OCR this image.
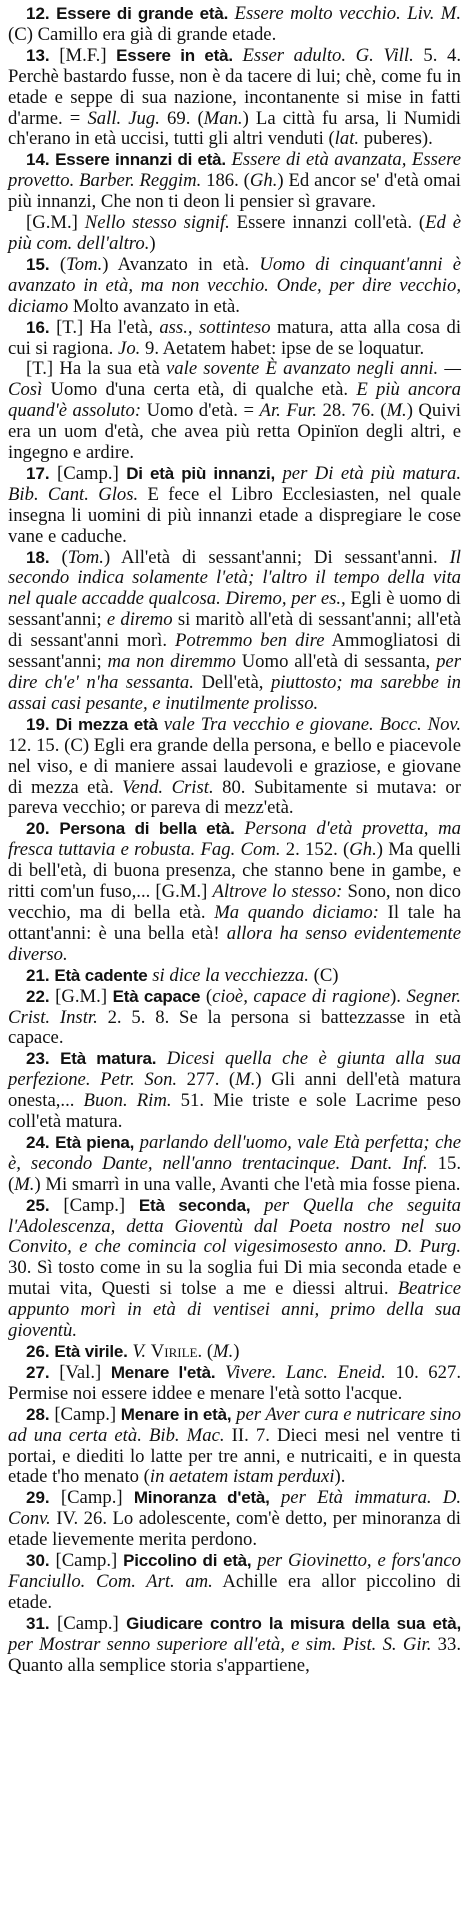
12. Essere di grande età. Essere molto vecchio. Liv. M. (C) Camillo era già di grande etade.

13. [M.F.] Essere in età. Esser adulto. G. Vill. 5. 4. Perchè bastardo fusse, non è da tacere di lui; chè, come fu in etade e seppe di sua nazione, incontanente si mise in fatti d'arme. = Sall. Jug. 69. (Man.) La città fu arsa, li Numidi ch'erano in età uccisi, tutti gli altri venduti (lat. puberes).

14. Essere innanzi di età. Essere di età avanzata, Essere provetto. Barber. Reggim. 186. (Gh.) Ed ancor se' d'età omai più innanzi, Che non ti deon li pensier sì gravare.

[G.M.] Nello stesso signif. Essere innanzi coll'età. (Ed è più com. dell'altro.)

15. (Tom.) Avanzato in età. Uomo di cinquant'anni è avanzato in età, ma non vecchio. Onde, per dire vecchio, diciamo Molto avanzato in età.

16. [T.] Ha l'età, ass., sottinteso matura, atta alla cosa di cui si ragiona. Jo. 9. Aetatem habet: ipse de se loquatur.

[T.] Ha la sua età vale sovente È avanzato negli anni. — Così Uomo d'una certa età, di qualche età. E più ancora quand'è assoluto: Uomo d'età. = Ar. Fur. 28. 76. (M.) Quivi era un uom d'età, che avea più retta Opinïon degli altri, e ingegno e ardire.

17. [Camp.] Di età più innanzi, per Di età più matura. Bib. Cant. Glos. E fece el Libro Ecclesiasten, nel quale insegna li uomini di più innanzi etade a dispregiare le cose vane e caduche.

18. (Tom.) All'età di sessant'anni; Di sessant'anni. Il secondo indica solamente l'età; l'altro il tempo della vita nel quale accadde qualcosa. Diremo, per es., Egli è uomo di sessant'anni; e diremo si maritò all'età di sessant'anni; all'età di sessant'anni morì. Potremmo ben dire Ammogliatosi di sessant'anni; ma non diremmo Uomo all'età di sessanta, per dire ch'e' n'ha sessanta. Dell'età, piuttosto; ma sarebbe in assai casi pesante, e inutilmente prolisso.

19. Di mezza età vale Tra vecchio e giovane. Bocc. Nov. 12. 15. (C) Egli era grande della persona, e bello e piacevole nel viso, e di maniere assai laudevoli e graziose, e giovane di mezza età. Vend. Crist. 80. Subitamente si mutava: or pareva vecchio; or pareva di mezz'età.

20. Persona di bella età. Persona d'età provetta, ma fresca tuttavia e robusta. Fag. Com. 2. 152. (Gh.) Ma quelli di bell'età, di buona presenza, che stanno bene in gambe, e ritti com'un fuso,... [G.M.] Altrove lo stesso: Sono, non dico vecchio, ma di bella età. Ma quando diciamo: Il tale ha ottant'anni: è una bella età! allora ha senso evidentemente diverso.

21. Età cadente si dice la vecchiezza. (C)

22. [G.M.] Età capace (cioè, capace di ragione). Segner. Crist. Instr. 2. 5. 8. Se la persona si battezzasse in età capace.

23. Età matura. Dicesi quella che è giunta alla sua perfezione. Petr. Son. 277. (M.) Gli anni dell'età matura onesta,... Buon. Rim. 51. Mie triste e sole Lacrime peso coll'età matura.

24. Età piena, parlando dell'uomo, vale Età perfetta; che è, secondo Dante, nell'anno trentacinque. Dant. Inf. 15. (M.) Mi smarrì in una valle, Avanti che l'età mia fosse piena.

25. [Camp.] Età seconda, per Quella che seguita l'Adolescenza, detta Gioventù dal Poeta nostro nel suo Convito, e che comincia col vigesimosesto anno. D. Purg. 30. Sì tosto come in su la soglia fui Di mia seconda etade e mutai vita, Questi si tolse a me e diessi altrui. Beatrice appunto morì in età di ventisei anni, primo della sua gioventù.

26. Età virile. V. Virile. (M.)

27. [Val.] Menare l'età. Vivere. Lanc. Eneid. 10. 627. Permise noi essere iddee e menare l'età sotto l'acque.

28. [Camp.] Menare in età, per Aver cura e nutricare sino ad una certa età. Bib. Mac. II. 7. Dieci mesi nel ventre ti portai, e diediti lo latte per tre anni, e nutricaiti, e in questa etade t'ho menato (in aetatem istam perduxi).

29. [Camp.] Minoranza d'età, per Età immatura. D. Conv. IV. 26. Lo adolescente, com'è detto, per minoranza di etade lievemente merita perdono.

30. [Camp.] Piccolino di età, per Giovinetto, e fors'anco Fanciullo. Com. Art. am. Achille era allor piccolino di etade.

31. [Camp.] Giudicare contro la misura della sua età, per Mostrar senno superiore all'età, e sim. Pist. S. Gir. 33. Quanto alla semplice storia s'appartiene,
